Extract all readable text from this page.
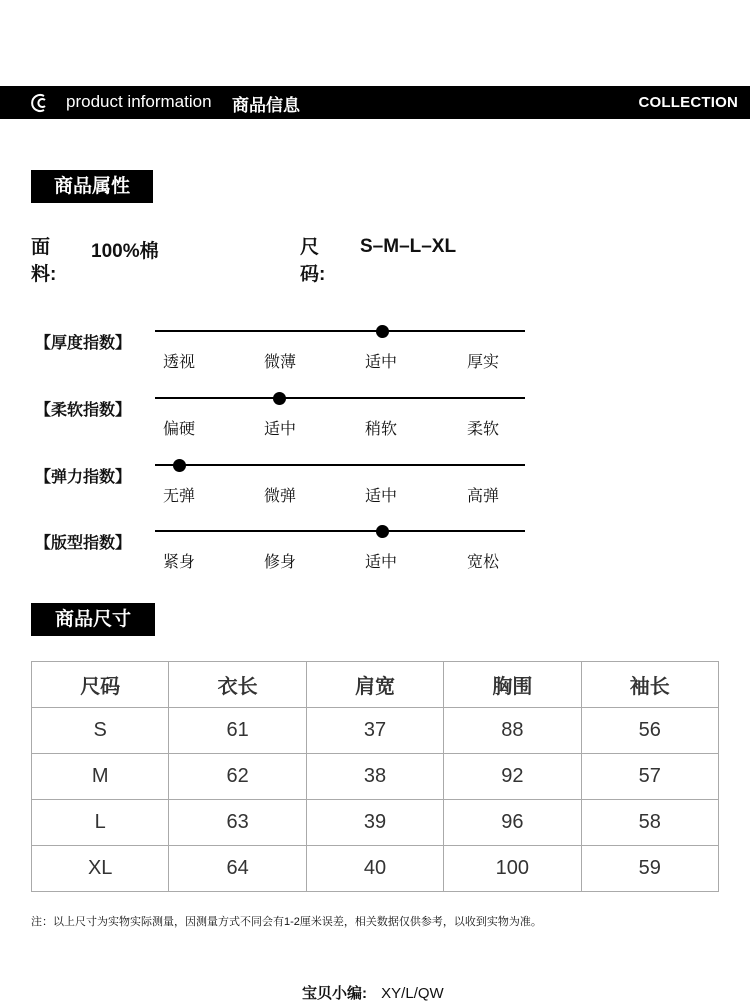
product information 商品信息	COLLECTION
商品属性
面料:
100%棉	尺码:
S–M–L–XL
【厚度指数】
透视	微薄	适中	厚实
【柔软指数】
偏硬	适中	稍软	柔软
【弹力指数】
无弹	微弹	适中	高弹
【版型指数】
紧身	修身	适中	宽松
商品尺寸
尺码	衣长	肩宽	胸围	袖长
S	61	37	88	56
M	62	38	92	57
L	63	39	96	58
XL	64	40	100	59
注：以上尺寸为实物实际测量，因测量方式不同会有1-2厘米误差，相关数据仅供参考，以收到实物为准。
宝贝小编: XY/L/QW
